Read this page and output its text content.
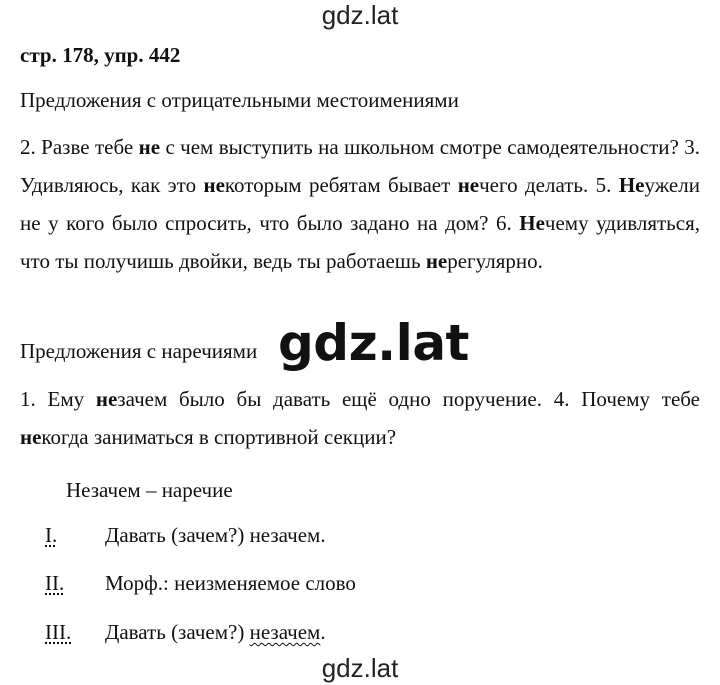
gdz.lat
стр. 178, упр. 442
Предложения с отрицательными местоимениями
2. Разве тебе не с чем выступить на школьном смотре самодеятельности? 3. Удивляюсь, как это некоторым ребятам бывает нечего делать. 5. Неужели не у кого было спросить, что было задано на дом? 6. Нечему удивляться, что ты получишь двойки, ведь ты работаешь нерегулярно.
Предложения с наречиями gdz.lat
1. Ему незачем было бы давать ещё одно поручение. 4. Почему тебе некогда заниматься в спортивной секции?
Незачем – наречие
I. Давать (зачем?) незачем.
II. Морф.: неизменяемое слово
III. Давать (зачем?) незачем.
gdz.lat
